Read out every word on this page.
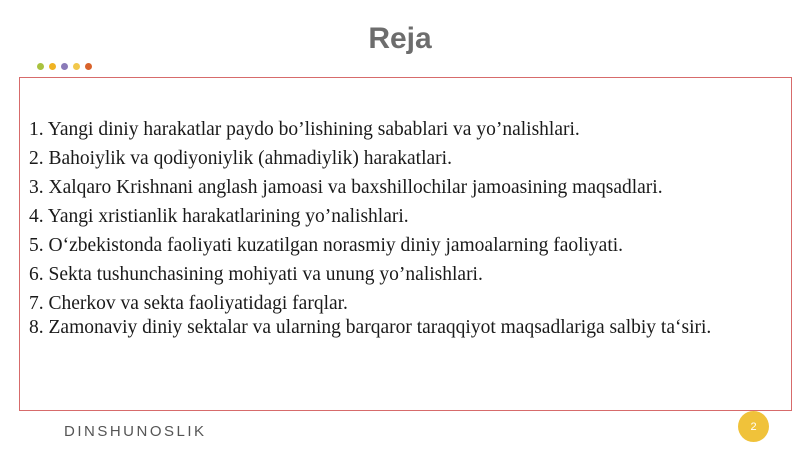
Reja
1. Yangi diniy harakatlar paydo bo’lishining sabablari va yo’nalishlari.
2. Bahoiylik va qodiyoniylik (ahmadiylik) harakatlari.
3. Xalqaro Krishnani anglash jamoasi va baxshillochilar jamoasining maqsadlari.
4. Yangi xristianlik harakatlarining yo’nalishlari.
5. O‘zbekistonda faoliyati kuzatilgan norasmiy diniy jamoalarning faoliyati.
6. Sekta tushunchasining mohiyati va unung yo’nalishlari.
7. Cherkov va sekta faoliyatidagi farqlar.
8. Zamonaviy diniy sektalar va ularning barqaror taraqqiyot maqsadlariga salbiy ta‘siri.
DINSHUNOSLIK	2
